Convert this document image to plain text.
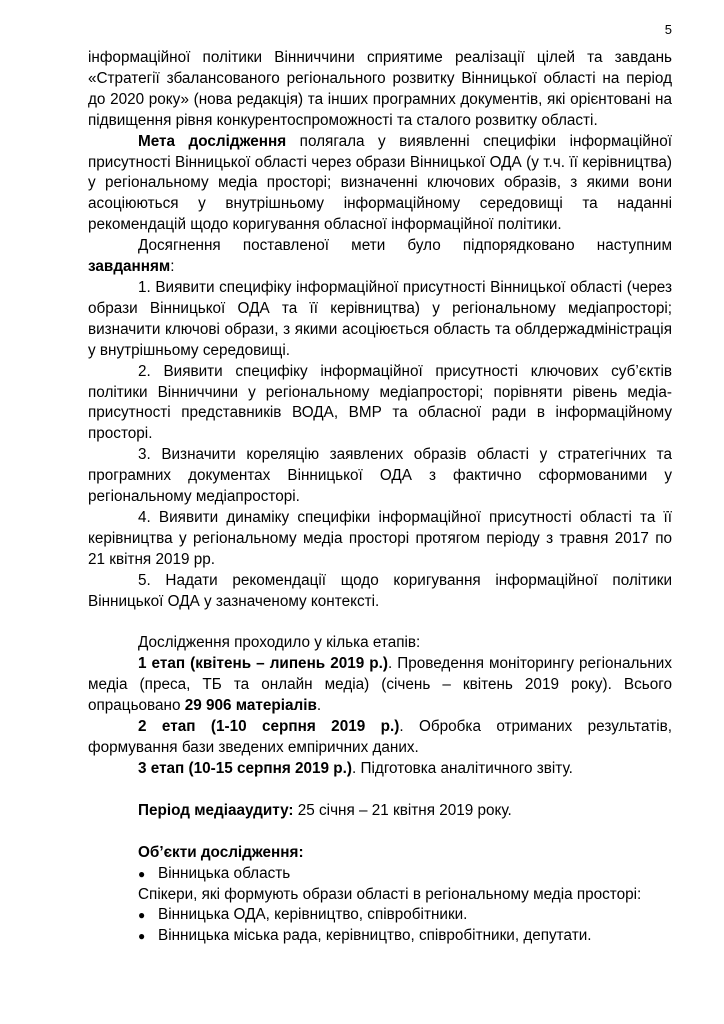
5

інформаційної політики Вінниччини сприятиме реалізації цілей та завдань «Стратегії збалансованого регіонального розвитку Вінницької області на період до 2020 року» (нова редакція) та інших програмних документів, які орієнтовані на підвищення рівня конкурентоспроможності та сталого розвитку області.

Мета дослідження полягала у виявленні специфіки інформаційної присутності Вінницької області через образи Вінницької ОДА (у т.ч. її керівництва) у регіональному медіа просторі; визначенні ключових образів, з якими вони асоціюються у внутрішньому інформаційному середовищі та наданні рекомендацій щодо коригування обласної інформаційної політики.

Досягнення поставленої мети було підпорядковано наступним завданням:

1. Виявити специфіку інформаційної присутності Вінницької області (через образи Вінницької ОДА та її керівництва) у регіональному медіапросторі; визначити ключові образи, з якими асоціюється область та облдержадміністрація у внутрішньому середовищі.

2. Виявити специфіку інформаційної присутності ключових суб’єктів політики Вінниччини у регіональному медіапросторі; порівняти рівень медіа-присутності представників ВОДА, ВМР та обласної ради в інформаційному просторі.

3. Визначити кореляцію заявлених образів області у стратегічних та програмних документах Вінницької ОДА з фактично сформованими у регіональному медіапросторі.

4. Виявити динаміку специфіки інформаційної присутності області та її керівництва у регіональному медіа просторі протягом періоду з травня 2017 по 21 квітня 2019 рр.

5. Надати рекомендації щодо коригування інформаційної політики Вінницької ОДА у зазначеному контексті.

Дослідження проходило у кілька етапів:

1 етап (квітень – липень 2019 р.). Проведення моніторингу регіональних медіа (преса, ТБ та онлайн медіа) (січень – квітень 2019 року). Всього опрацьовано 29 906 матеріалів.

2 етап (1-10 серпня 2019 р.). Обробка отриманих результатів, формування бази зведених емпіричних даних.

3 етап (10-15 серпня 2019 р.). Підготовка аналітичного звіту.

Період медіааудиту: 25 січня – 21 квітня 2019 року.

Об’єкти дослідження:

● Вінницька область

Спікери, які формують образи області в регіональному медіа просторі:

● Вінницька ОДА, керівництво, співробітники.
● Вінницька міська рада, керівництво, співробітники, депутати.
